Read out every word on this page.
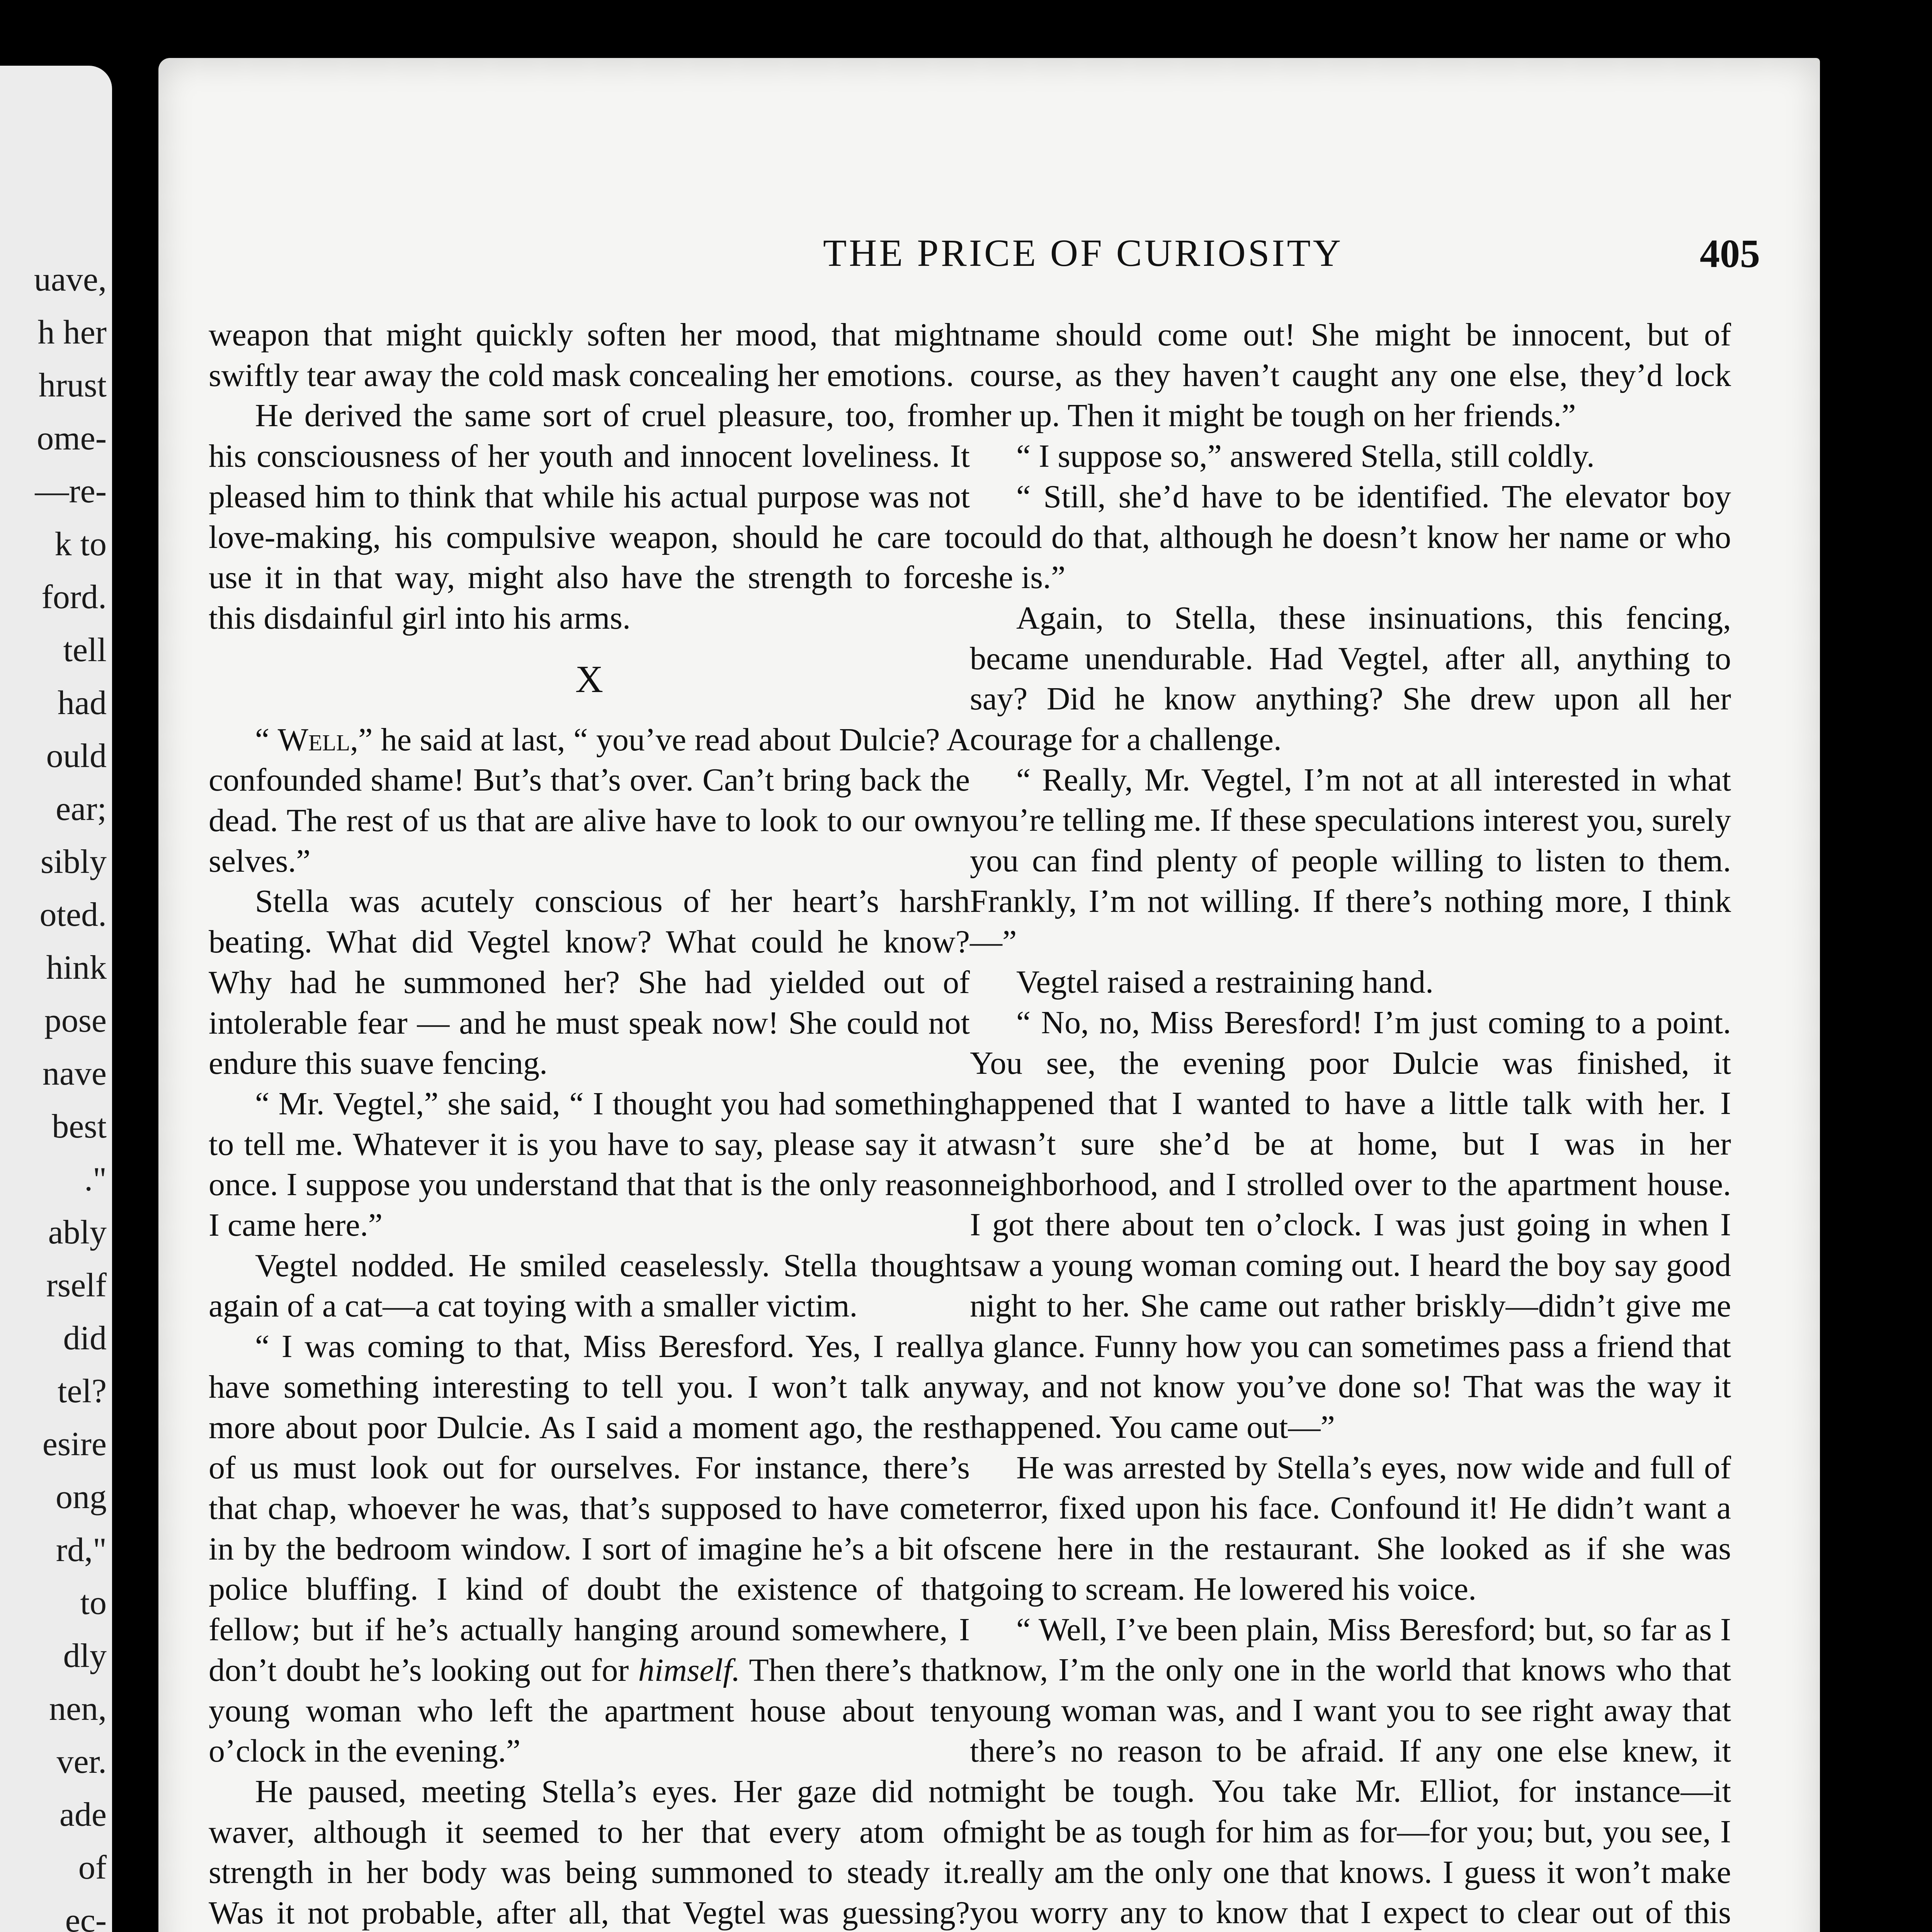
uave,
h her
hrust
ome-
—re-
k to
ford.
tell
had
ould
ear;
sibly
oted.
hink
pose
nave
best
."
ably
rself
did
tel?
esire
ong
rd,"
to
dly
nen,
ver.
ade
of
ec-
THE PRICE OF CURIOSITY	405

weapon that might quickly soften her mood, that might swiftly tear away the cold mask concealing her emotions.

He derived the same sort of cruel pleasure, too, from his consciousness of her youth and innocent loveliness. It pleased him to think that while his actual purpose was not love-making, his compulsive weapon, should he care to use it in that way, might also have the strength to force this disdainful girl into his arms.

X

“ Well,” he said at last, “ you’ve read about Dulcie? A confounded shame! But’s that’s over. Can’t bring back the dead. The rest of us that are alive have to look to our own selves.”

Stella was acutely conscious of her heart’s harsh beating. What did Vegtel know? What could he know? Why had he summoned her? She had yielded out of intolerable fear — and he must speak now! She could not endure this suave fencing.

“ Mr. Vegtel,” she said, “ I thought you had something to tell me. Whatever it is you have to say, please say it at once. I suppose you understand that that is the only reason I came here.”

Vegtel nodded. He smiled ceaselessly. Stella thought again of a cat—a cat toying with a smaller victim.

“ I was coming to that, Miss Beresford. Yes, I really have something interesting to tell you. I won’t talk any more about poor Dulcie. As I said a moment ago, the rest of us must look out for ourselves. For instance, there’s that chap, whoever he was, that’s supposed to have come in by the bedroom window. I sort of imagine he’s a bit of police bluffing. I kind of doubt the existence of that fellow; but if he’s actually hanging around somewhere, I don’t doubt he’s looking out for himself. Then there’s that young woman who left the apartment house about ten o’clock in the evening.”

He paused, meeting Stella’s eyes. Her gaze did not waver, although it seemed to her that every atom of strength in her body was being summoned to steady it. Was it not probable, after all, that Vegtel was guessing?

name should come out! She might be innocent, but of course, as they haven’t caught any one else, they’d lock her up. Then it might be tough on her friends.”

“ I suppose so,” answered Stella, still coldly.

“ Still, she’d have to be identified. The elevator boy could do that, although he doesn’t know her name or who she is.”

Again, to Stella, these insinuations, this fencing, became unendurable. Had Vegtel, after all, anything to say? Did he know anything? She drew upon all her courage for a challenge.

“ Really, Mr. Vegtel, I’m not at all interested in what you’re telling me. If these speculations interest you, surely you can find plenty of people willing to listen to them. Frankly, I’m not willing. If there’s nothing more, I think—”

Vegtel raised a restraining hand.

“ No, no, Miss Beresford! I’m just coming to a point. You see, the evening poor Dulcie was finished, it happened that I wanted to have a little talk with her. I wasn’t sure she’d be at home, but I was in her neighborhood, and I strolled over to the apartment house. I got there about ten o’clock. I was just going in when I saw a young woman coming out. I heard the boy say good night to her. She came out rather briskly—didn’t give me a glance. Funny how you can sometimes pass a friend that way, and not know you’ve done so! That was the way it happened. You came out—”

He was arrested by Stella’s eyes, now wide and full of terror, fixed upon his face. Confound it! He didn’t want a scene here in the restaurant. She looked as if she was going to scream. He lowered his voice.

“ Well, I’ve been plain, Miss Beresford; but, so far as I know, I’m the only one in the world that knows who that young woman was, and I want you to see right away that there’s no reason to be afraid. If any one else knew, it might be tough. You take Mr. Elliot, for instance—it might be as tough for him as for—for you; but, you see, I really am the only one that knows. I guess it won’t make you worry any to know that I expect to clear out of this
